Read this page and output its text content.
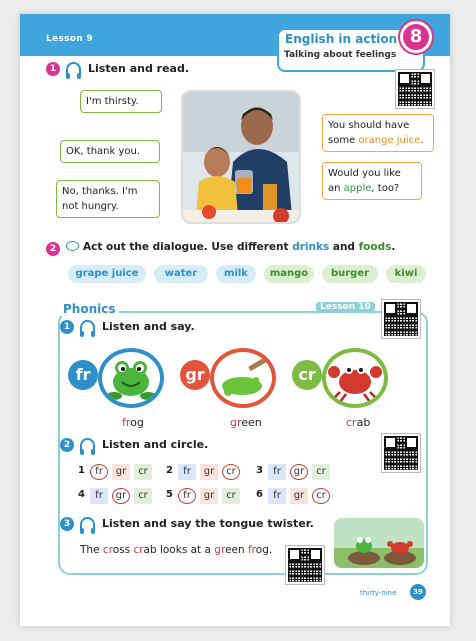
Lesson 9	English in action
Talking about feelings
8
1	Listen and read.
I'm thirsty.
OK, thank you.
No, thanks. I'm not hungry.
You should have some orange juice.
Would you like an apple, too?
2	Act out the dialogue. Use different drinks and foods.
grape juice	water	milk	mango	burger	kiwi
Phonics	Lesson 10
1	Listen and say.
fr	gr	cr
frog	green	crab
2	Listen and circle.
3	Listen and say the tongue twister.
The cross crab looks at a green frog.
thirty-nine	39
1	fr	gr	cr	2	fr	gr	cr	3	fr	gr	cr
4	fr	gr	cr	5	fr	gr	cr	6	fr	gr	cr
